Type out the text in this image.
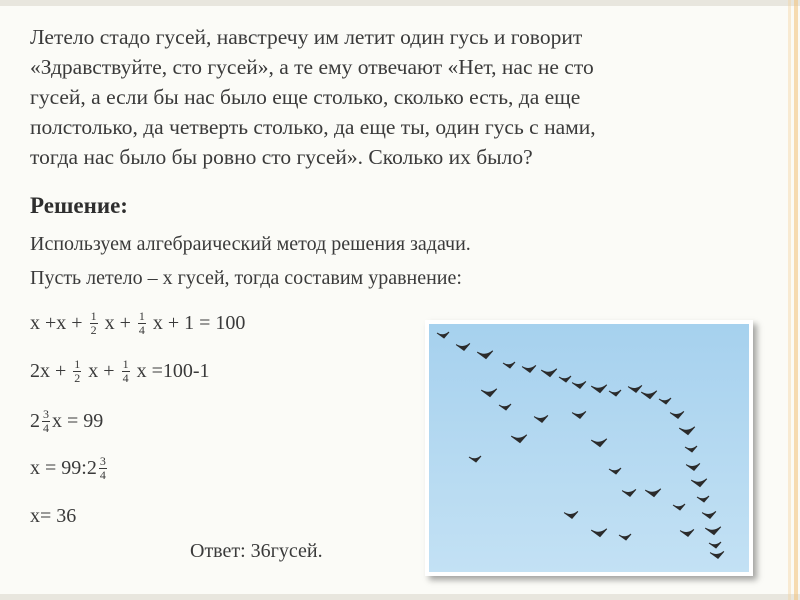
Летело стадо гусей, навстречу им летит один гусь и говорит
«Здравствуйте, сто гусей», а те ему отвечают «Нет, нас не сто
гусей, а если бы нас было еще столько, сколько есть, да еще
полстолько, да четверть столько, да еще ты, один гусь с нами,
тогда нас было бы ровно сто гусей». Сколько их было?
Решение:
Используем алгебраический метод решения задачи.
Пусть летело – х гусей, тогда составим уравнение:
$х +х + \frac{1}{2}$ $х + \frac{1}{4}$ х + 1 = 100
$2х + \frac{1}{2}$ $х + \frac{1}{4}$ х =100-1
$2 \frac{3}{4}$ х = 99
х = 99:2 $\frac{3}{4}$
х= 36
Ответ: 36гусей.
